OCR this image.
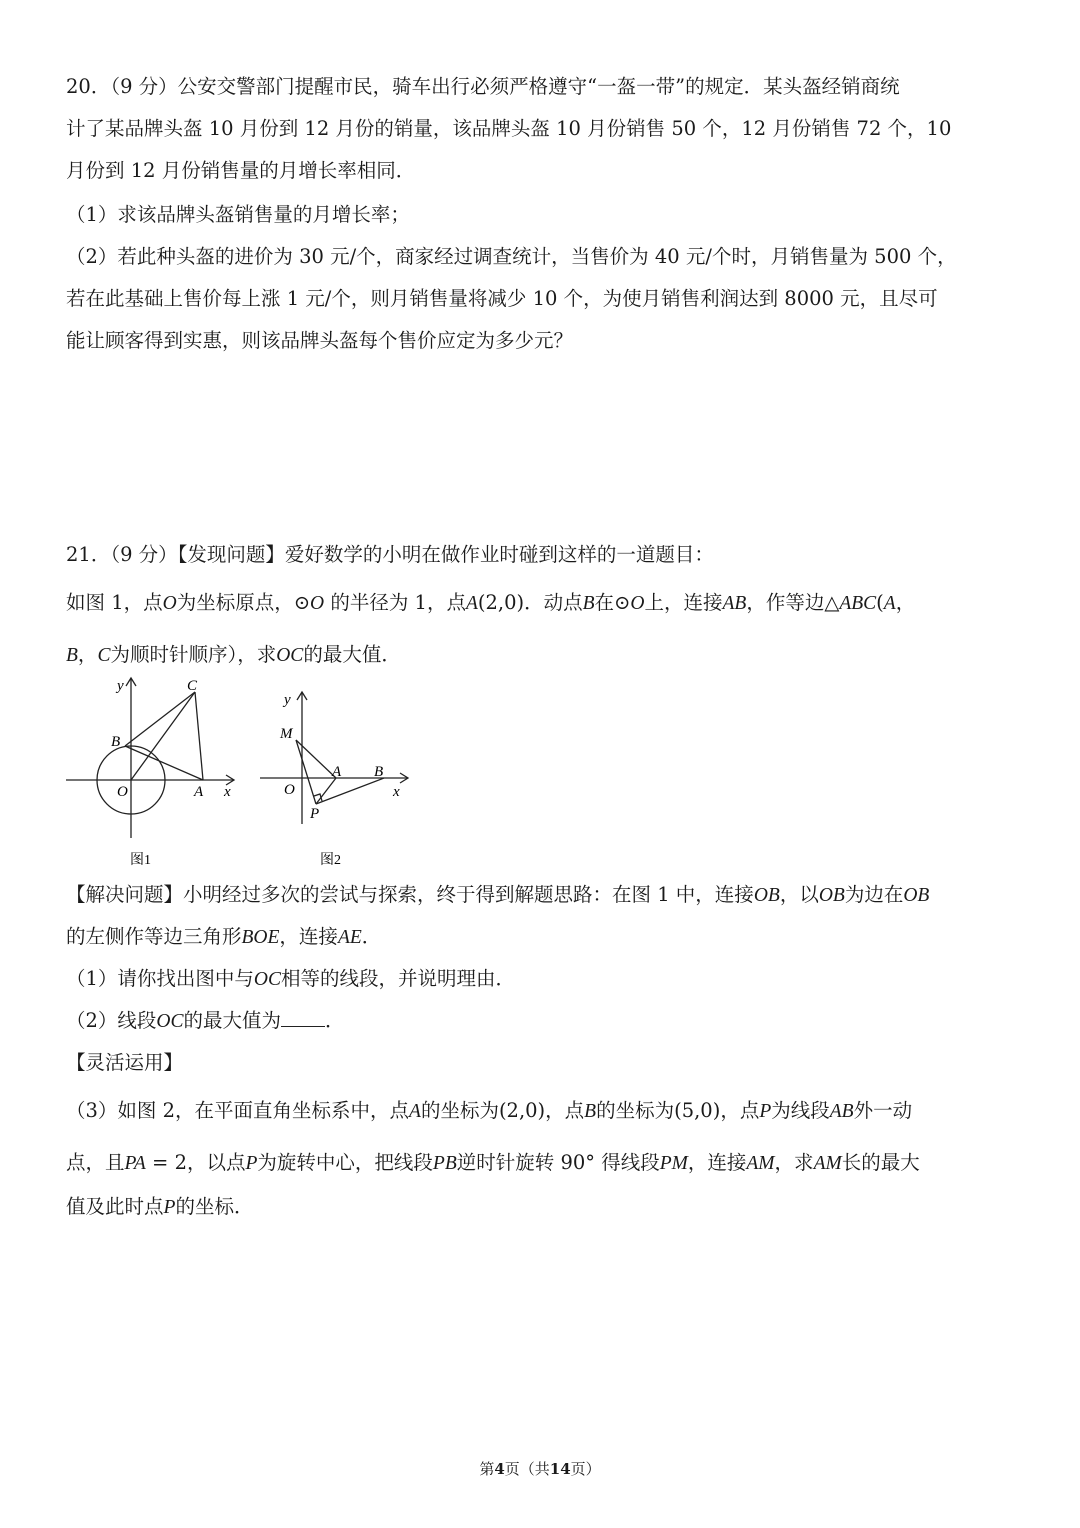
20．（9 分）公安交警部门提醒市民，骑车出行必须严格遵守“一盔一带”的规定．某头盔经销商统
计了某品牌头盔 10 月份到 12 月份的销量，该品牌头盔 10 月份销售 50 个，12 月份销售 72 个，10
月份到 12 月份销售量的月增长率相同．
（1）求该品牌头盔销售量的月增长率；
（2）若此种头盔的进价为 30 元/个，商家经过调查统计，当售价为 40 元/个时，月销售量为 500 个，
若在此基础上售价每上涨 1 元/个，则月销售量将减少 10 个，为使月销售利润达到 8000 元，且尽可
能让顾客得到实惠，则该品牌头盔每个售价应定为多少元？
21．（9 分）【发现问题】爱好数学的小明在做作业时碰到这样的一道题目：
如图 1，点O为坐标原点，⊙O 的半径为 1，点A(2,0)．动点B在⊙O上，连接AB，作等边△ABC(A，
B，C为顺时针顺序），求OC的最大值．
y
x
O	A
B
C
图1
y
x
O
A B
M
P
图2
【解决问题】小明经过多次的尝试与探索，终于得到解题思路：在图 1 中，连接OB，以OB为边在OB
的左侧作等边三角形BOE，连接AE．
（1）请你找出图中与OC相等的线段，并说明理由．
（2）线段OC的最大值为 ．
【灵活运用】
（3）如图 2，在平面直角坐标系中，点A的坐标为(2,0)，点B的坐标为(5,0)，点P为线段AB外一动
点，且PA = 2，以点P为旋转中心，把线段PB逆时针旋转 90° 得线段PM，连接AM，求AM长的最大
值及此时点P的坐标．
第4页（共14页）
